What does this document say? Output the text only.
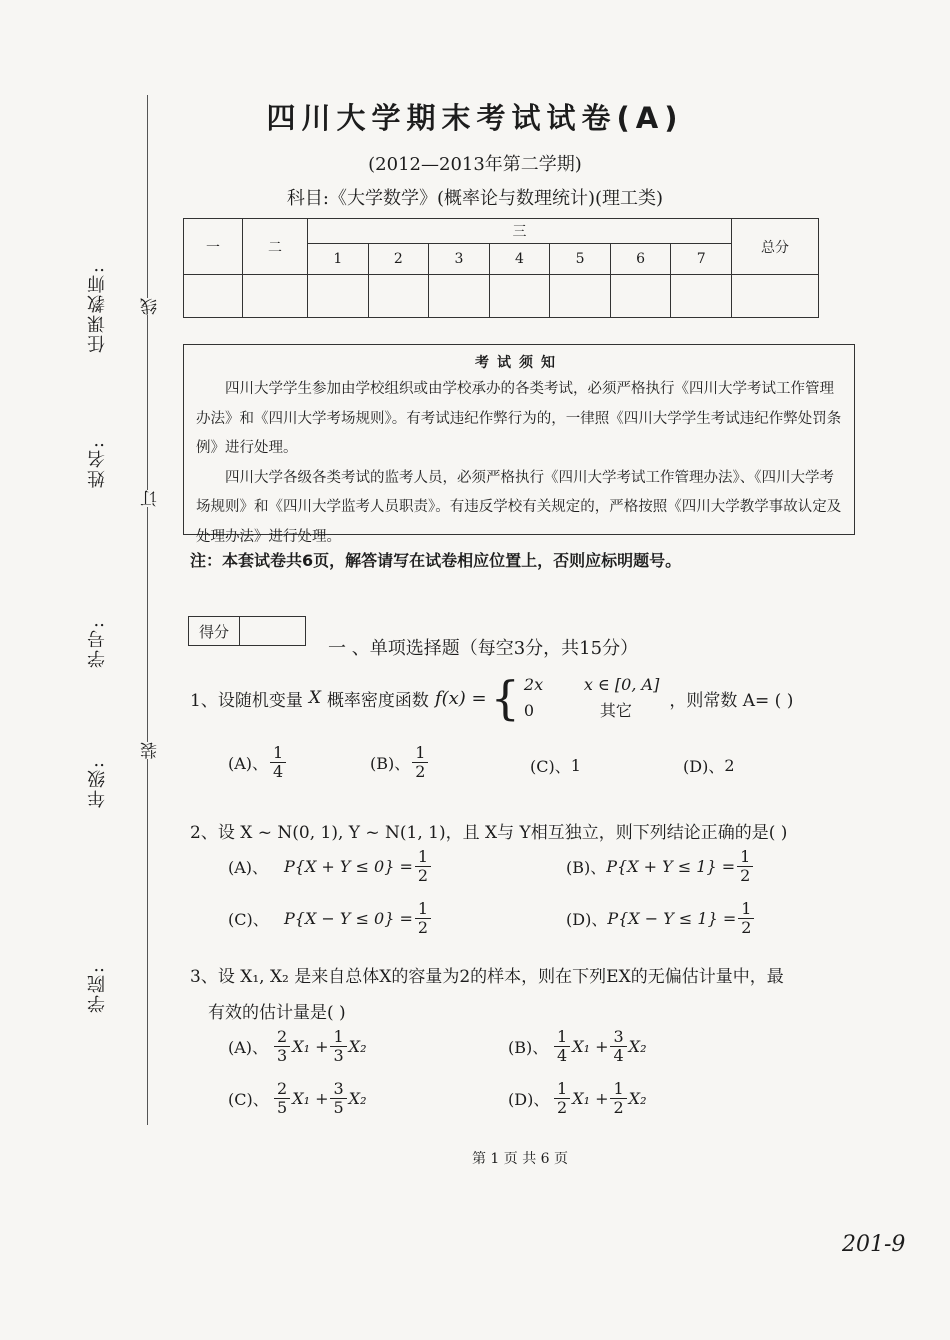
任课教师:
姓名:
学号:
年级:
学院:
线
订
装
四川大学期末考试试卷(A)
(2012—2013年第二学期)
科目:《大学数学》(概率论与数理统计)(理工类)
一	二	三							总分
		1	2	3	4	5	6	7	

考试须知

四川大学学生参加由学校组织或由学校承办的各类考试，必须严格执行《四川大学考试工作管理办法》和《四川大学考场规则》。有考试违纪作弊行为的，一律照《四川大学学生考试违纪作弊处罚条例》进行处理。

四川大学各级各类考试的监考人员，必须严格执行《四川大学考试工作管理办法》、《四川大学考场规则》和《四川大学监考人员职责》。有违反学校有关规定的，严格按照《四川大学教学事故认定及处理办法》进行处理。

注：本套试卷共6页，解答请写在试卷相应位置上，否则应标明题号。
得分
一 、单项选择题（每空3分，共15分）
1、设随机变量 X 概率密度函数 f(x) = { 2x	x ∈ [0, A]
0	其它 ，则常数 A= ( )
(A)、 $\frac{1}{4}$	(B)、 $\frac{1}{2}$	(C)、 1	(D)、 2
2、设 X ~ N(0, 1), Y ~ N(1, 1)，且 X与 Y相互独立，则下列结论正确的是( )
(A)、 $P\{X + Y \le 0\} = \frac{1}{2}$	(B)、 $P\{X + Y \le 1\} = \frac{1}{2}$
(C)、 $P\{X - Y \le 0\} = \frac{1}{2}$	(D)、 $P\{X - Y \le 1\} = \frac{1}{2}$
3、设 X₁, X₂ 是来自总体X的容量为2的样本，则在下列EX的无偏估计量中，最
有效的估计量是( )
(A)、 $\frac{2}{3} X_1 + \frac{1}{3} X_2$	(B)、 $\frac{1}{4} X_1 + \frac{3}{4} X_2$
(C)、 $\frac{2}{5} X_1 + \frac{3}{5} X_2$	(D)、 $\frac{1}{2} X_1 + \frac{1}{2} X_2$
第 1 页 共 6 页
201-9
